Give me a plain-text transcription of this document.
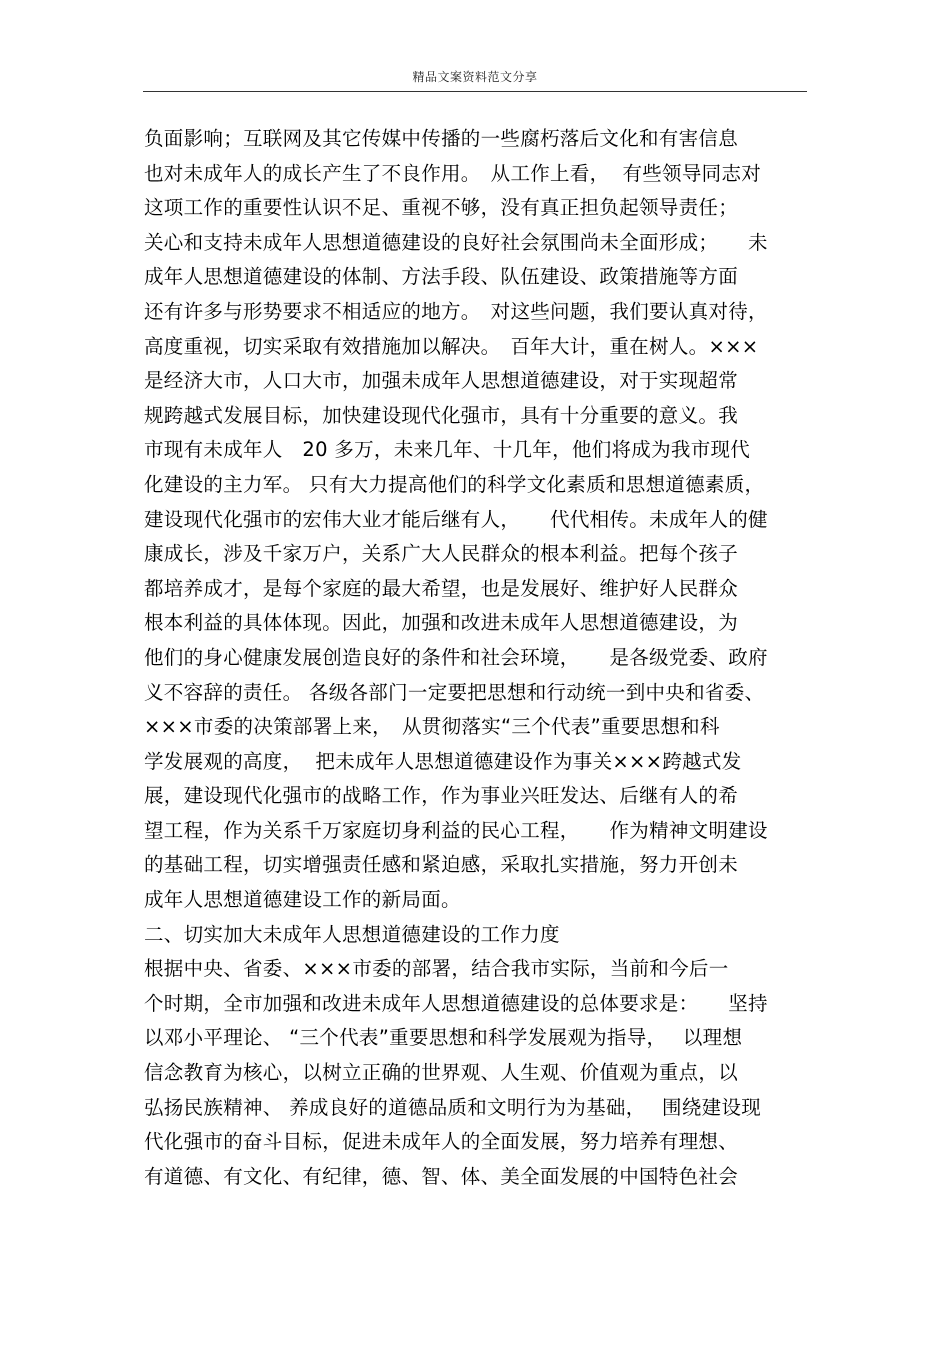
精品文案资料范文分享
负面影响；互联网及其它传媒中传播的一些腐朽落后文化和有害信息
也对未成年人的成长产生了不良作用。　从工作上看，  有些领导同志对
这项工作的重要性认识不足、重视不够，没有真正担负起领导责任；
关心和支持未成年人思想道德建设的良好社会氛围尚未全面形成；　　未
成年人思想道德建设的体制、方法手段、队伍建设、政策措施等方面
还有许多与形势要求不相适应的地方。　对这些问题，我们要认真对待，
高度重视，切实采取有效措施加以解决。　百年大计，重在树人。×××
是经济大市，人口大市，加强未成年人思想道德建设，对于实现超常
规跨越式发展目标，加快建设现代化强市，具有十分重要的意义。我
市现有未成年人　20 多万，未来几年、十几年，他们将成为我市现代
化建设的主力军。 只有大力提高他们的科学文化素质和思想道德素质，
建设现代化强市的宏伟大业才能后继有人，　　代代相传。未成年人的健
康成长，涉及千家万户，关系广大人民群众的根本利益。把每个孩子
都培养成才，是每个家庭的最大希望，也是发展好、维护好人民群众
根本利益的具体体现。因此，加强和改进未成年人思想道德建设，为
他们的身心健康发展创造良好的条件和社会环境，　　是各级党委、政府
义不容辞的责任。 各级各部门一定要把思想和行动统一到中央和省委、
×××市委的决策部署上来，　从贯彻落实“三个代表”重要思想和科
学发展观的高度，  把未成年人思想道德建设作为事关×××跨越式发
展，建设现代化强市的战略工作，作为事业兴旺发达、后继有人的希
望工程，作为关系千万家庭切身利益的民心工程，　　作为精神文明建设
的基础工程，切实增强责任感和紧迫感，采取扎实措施，努力开创未
成年人思想道德建设工作的新局面。
二、切实加大未成年人思想道德建设的工作力度
根据中央、省委、×××市委的部署，结合我市实际，当前和今后一
个时期，全市加强和改进未成年人思想道德建设的总体要求是：　　坚持
以邓小平理论、 “三个代表”重要思想和科学发展观为指导，　 以理想
信念教育为核心，以树立正确的世界观、人生观、价值观为重点，以
弘扬民族精神、 养成良好的道德品质和文明行为为基础，　 围绕建设现
代化强市的奋斗目标，促进未成年人的全面发展，努力培养有理想、
有道德、有文化、有纪律，德、智、体、美全面发展的中国特色社会
